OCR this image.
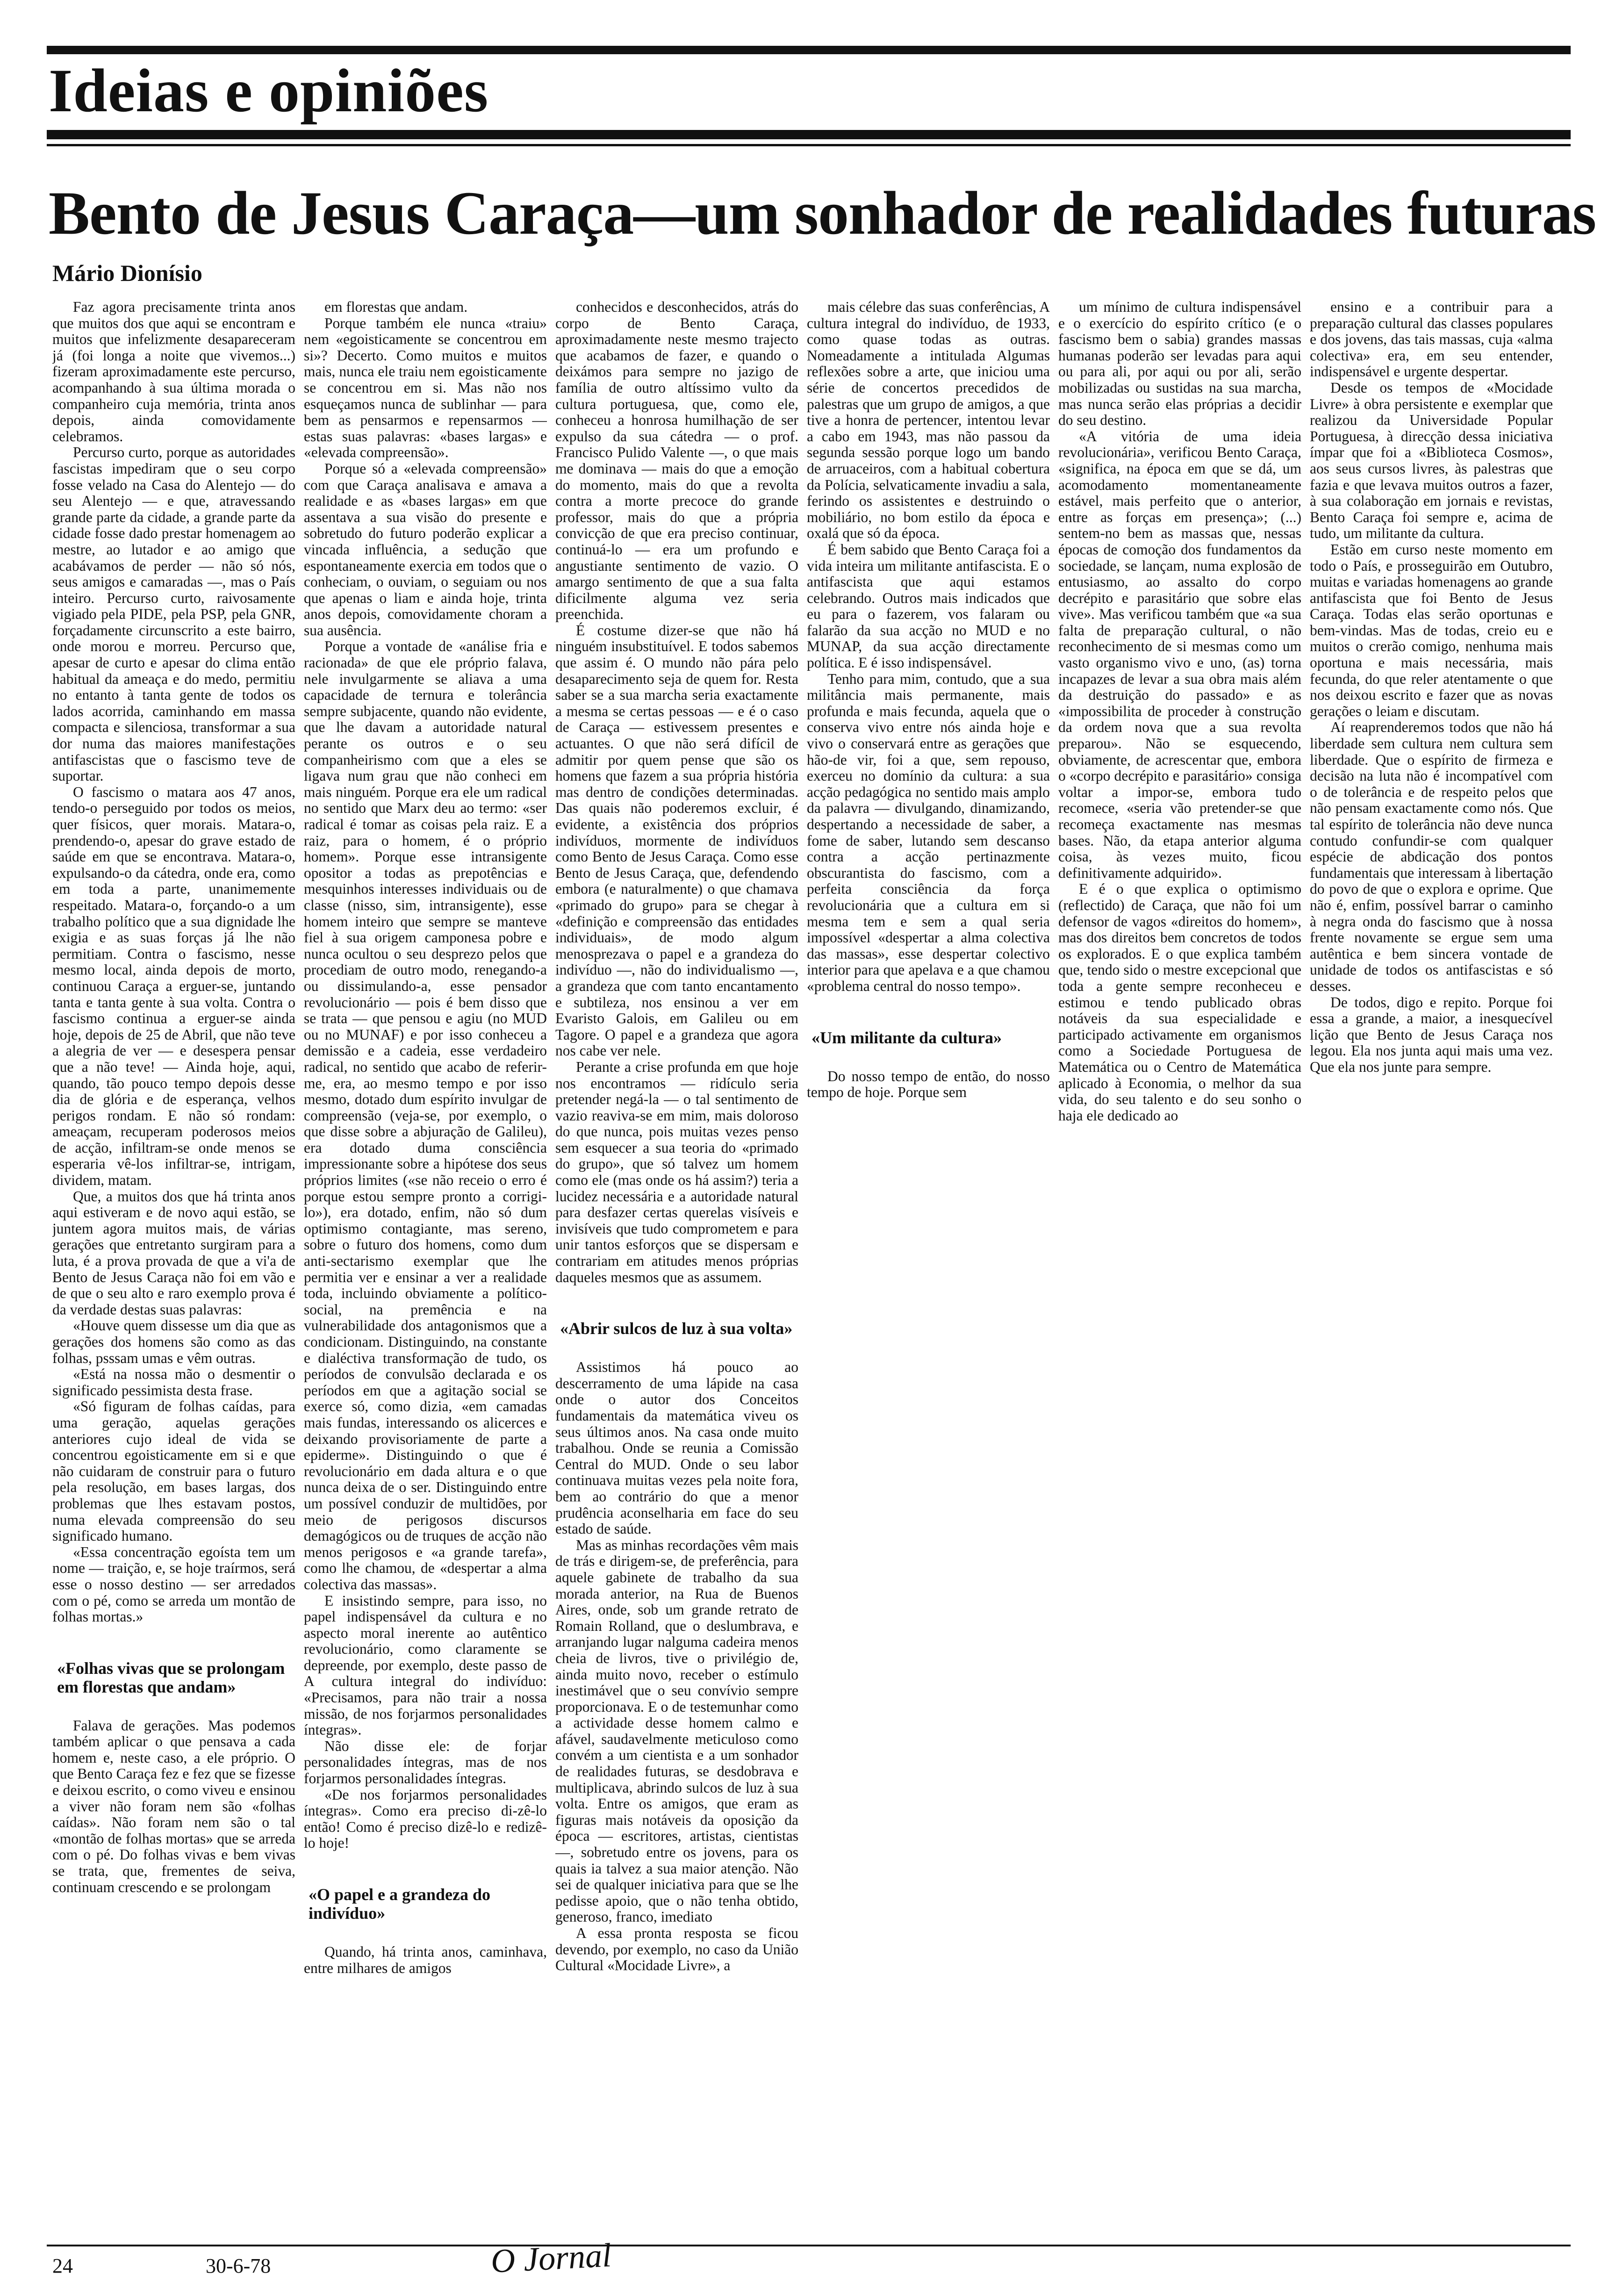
Ideias e opiniões
Bento de Jesus Caraça—um sonhador de realidades futuras
Mário Dionísio

Faz agora precisamente trinta anos que muitos dos que aqui se encontram e muitos que infelizmente desapareceram já (foi longa a noite que vivemos...) fizeram aproximadamente este percurso, acompanhando à sua última morada o companheiro cuja memória, trinta anos depois, ainda comovidamente celebramos.

Percurso curto, porque as autoridades fascistas impediram que o seu corpo fosse velado na Casa do Alentejo — do seu Alentejo — e que, atravessando grande parte da cidade, a grande parte da cidade fosse dado prestar homenagem ao mestre, ao lutador e ao amigo que acabávamos de perder — não só nós, seus amigos e camaradas —, mas o País inteiro. Percurso curto, raivosamente vigiado pela PIDE, pela PSP, pela GNR, forçadamente circunscrito a este bairro, onde morou e morreu. Percurso que, apesar de curto e apesar do clima então habitual da ameaça e do medo, permitiu no entanto à tanta gente de todos os lados acorrida, caminhando em massa compacta e silenciosa, transformar a sua dor numa das maiores manifestações antifascistas que o fascismo teve de suportar.

O fascismo o matara aos 47 anos, tendo-o perseguido por todos os meios, quer físicos, quer morais. Matara-o, prendendo-o, apesar do grave estado de saúde em que se encontrava. Matara-o, expulsando-o da cátedra, onde era, como em toda a parte, unanimemente respeitado. Matara-o, forçando-o a um trabalho político que a sua dignidade lhe exigia e as suas forças já lhe não permitiam. Contra o fascismo, nesse mesmo local, ainda depois de morto, continuou Caraça a erguer-se, juntando tanta e tanta gente à sua volta. Contra o fascismo continua a erguer-se ainda hoje, depois de 25 de Abril, que não teve a alegria de ver — e desespera pensar que a não teve! — Ainda hoje, aqui, quando, tão pouco tempo depois desse dia de glória e de esperança, velhos perigos rondam. E não só rondam: ameaçam, recuperam poderosos meios de acção, infiltram-se onde menos se esperaria vê-los infiltrar-se, intrigam, dividem, matam.

Que, a muitos dos que há trinta anos aqui estiveram e de novo aqui estão, se juntem agora muitos mais, de várias gerações que entretanto surgiram para a luta, é a prova provada de que a vi'a de Bento de Jesus Caraça não foi em vão e de que o seu alto e raro exemplo prova é da verdade destas suas palavras:

«Houve quem dissesse um dia que as gerações dos homens são como as das folhas, psssam umas e vêm outras.

«Está na nossa mão o desmentir o significado pessimista desta frase.

«Só figuram de folhas caídas, para uma geração, aquelas gerações anteriores cujo ideal de vida se concentrou egoisticamente em si e que não cuidaram de construir para o futuro pela resolução, em bases largas, dos problemas que lhes estavam postos, numa elevada compreensão do seu significado humano.

«Essa concentração egoísta tem um nome — traição, e, se hoje traírmos, será esse o nosso destino — ser arredados com o pé, como se arreda um montão de folhas mortas.»

«Folhas vivas que se prolongam em florestas que andam»

Falava de gerações. Mas podemos também aplicar o que pensava a cada homem e, neste caso, a ele próprio. O que Bento Caraça fez e fez que se fizesse e deixou escrito, o como viveu e ensinou a viver não foram nem são «folhas caídas». Não foram nem são o tal «montão de folhas mortas» que se arreda com o pé. Do folhas vivas e bem vivas se trata, que, frementes de seiva, continuam crescendo e se prolongam

em florestas que andam.

Porque também ele nunca «traiu» nem «egoisticamente se concentrou em si»? Decerto. Como muitos e muitos mais, nunca ele traiu nem egoisticamente se concentrou em si. Mas não nos esqueçamos nunca de sublinhar — para bem as pensarmos e repensarmos — estas suas palavras: «bases largas» e «elevada compreensão».

Porque só a «elevada compreensão» com que Caraça analisava e amava a realidade e as «bases largas» em que assentava a sua visão do presente e sobretudo do futuro poderão explicar a vincada influência, a sedução que espontaneamente exercia em todos que o conheciam, o ouviam, o seguiam ou nos que apenas o liam e ainda hoje, trinta anos depois, comovidamente choram a sua ausência.

Porque a vontade de «análise fria e racionada» de que ele próprio falava, nele invulgarmente se aliava a uma capacidade de ternura e tolerância sempre subjacente, quando não evidente, que lhe davam a autoridade natural perante os outros e o seu companheirismo com que a eles se ligava num grau que não conheci em mais ninguém. Porque era ele um radical no sentido que Marx deu ao termo: «ser radical é tomar as coisas pela raiz. E a raiz, para o homem, é o próprio homem». Porque esse intransigente opositor a todas as prepotências e mesquinhos interesses individuais ou de classe (nisso, sim, intransigente), esse homem inteiro que sempre se manteve fiel à sua origem camponesa pobre e nunca ocultou o seu desprezo pelos que procediam de outro modo, renegando-a ou dissimulando-a, esse pensador revolucionário — pois é bem disso que se trata — que pensou e agiu (no MUD ou no MUNAF) e por isso conheceu a demissão e a cadeia, esse verdadeiro radical, no sentido que acabo de referir-me, era, ao mesmo tempo e por isso mesmo, dotado dum espírito invulgar de compreensão (veja-se, por exemplo, o que disse sobre a abjuração de Galileu), era dotado duma consciência impressionante sobre a hipótese dos seus próprios limites («se não receio o erro é porque estou sempre pronto a corrigi-lo»), era dotado, enfim, não só dum optimismo contagiante, mas sereno, sobre o futuro dos homens, como dum anti-sectarismo exemplar que lhe permitia ver e ensinar a ver a realidade toda, incluindo obviamente a político-social, na premência e na vulnerabilidade dos antagonismos que a condicionam. Distinguindo, na constante e dialéctiva transformação de tudo, os períodos de convulsão declarada e os períodos em que a agitação social se exerce só, como dizia, «em camadas mais fundas, interessando os alicerces e deixando provisoriamente de parte a epiderme». Distinguindo o que é revolucionário em dada altura e o que nunca deixa de o ser. Distinguindo entre um possível conduzir de multidões, por meio de perigosos discursos demagógicos ou de truques de acção não menos perigosos e «a grande tarefa», como lhe chamou, de «despertar a alma colectiva das massas».

E insistindo sempre, para isso, no papel indispensável da cultura e no aspecto moral inerente ao autêntico revolucionário, como claramente se depreende, por exemplo, deste passo de A cultura integral do indivíduo: «Precisamos, para não trair a nossa missão, de nos forjarmos personalidades íntegras».

Não disse ele: de forjar personalidades íntegras, mas de nos forjarmos personalidades íntegras.

«De nos forjarmos personalidades íntegras». Como era preciso di-zê-lo então! Como é preciso dizê-lo e redizê-lo hoje!

«O papel e a grandeza do indivíduo»

Quando, há trinta anos, caminhava, entre milhares de amigos

conhecidos e desconhecidos, atrás do corpo de Bento Caraça, aproximadamente neste mesmo trajecto que acabamos de fazer, e quando o deixámos para sempre no jazigo de família de outro altíssimo vulto da cultura portuguesa, que, como ele, conheceu a honrosa humilhação de ser expulso da sua cátedra — o prof. Francisco Pulido Valente —, o que mais me dominava — mais do que a emoção do momento, mais do que a revolta contra a morte precoce do grande professor, mais do que a própria convicção de que era preciso continuar, continuá-lo — era um profundo e angustiante sentimento de vazio. O amargo sentimento de que a sua falta dificilmente alguma vez seria preenchida.

É costume dizer-se que não há ninguém insubstituível. E todos sabemos que assim é. O mundo não pára pelo desaparecimento seja de quem for. Resta saber se a sua marcha seria exactamente a mesma se certas pessoas — e é o caso de Caraça — estivessem presentes e actuantes. O que não será difícil de admitir por quem pense que são os homens que fazem a sua própria história mas dentro de condições determinadas. Das quais não poderemos excluir, é evidente, a existência dos próprios indivíduos, mormente de indivíduos como Bento de Jesus Caraça. Como esse Bento de Jesus Caraça, que, defendendo embora (e naturalmente) o que chamava «primado do grupo» para se chegar à «definição e compreensão das entidades individuais», de modo algum menosprezava o papel e a grandeza do indivíduo —, não do individualismo —, a grandeza que com tanto encantamento e subtileza, nos ensinou a ver em Evaristo Galois, em Galileu ou em Tagore. O papel e a grandeza que agora nos cabe ver nele.

Perante a crise profunda em que hoje nos encontramos — ridículo seria pretender negá-la — o tal sentimento de vazio reaviva-se em mim, mais doloroso do que nunca, pois muitas vezes penso sem esquecer a sua teoria do «primado do grupo», que só talvez um homem como ele (mas onde os há assim?) teria a lucidez necessária e a autoridade natural para desfazer certas querelas visíveis e invisíveis que tudo comprometem e para unir tantos esforços que se dispersam e contrariam em atitudes menos próprias daqueles mesmos que as assumem.

«Abrir sulcos de luz à sua volta»

Assistimos há pouco ao descerramento de uma lápide na casa onde o autor dos Conceitos fundamentais da matemática viveu os seus últimos anos. Na casa onde muito trabalhou. Onde se reunia a Comissão Central do MUD. Onde o seu labor continuava muitas vezes pela noite fora, bem ao contrário do que a menor prudência aconselharia em face do seu estado de saúde.

Mas as minhas recordações vêm mais de trás e dirigem-se, de preferência, para aquele gabinete de trabalho da sua morada anterior, na Rua de Buenos Aires, onde, sob um grande retrato de Romain Rolland, que o deslumbrava, e arranjando lugar nalguma cadeira menos cheia de livros, tive o privilégio de, ainda muito novo, receber o estímulo inestimável que o seu convívio sempre proporcionava. E o de testemunhar como a actividade desse homem calmo e afável, saudavelmente meticuloso como convém a um cientista e a um sonhador de realidades futuras, se desdobrava e multiplicava, abrindo sulcos de luz à sua volta. Entre os amigos, que eram as figuras mais notáveis da oposição da época — escritores, artistas, cientistas —, sobretudo entre os jovens, para os quais ia talvez a sua maior atenção. Não sei de qualquer iniciativa para que se lhe pedisse apoio, que o não tenha obtido, generoso, franco, imediato

A essa pronta resposta se ficou devendo, por exemplo, no caso da União Cultural «Mocidade Livre», a

mais célebre das suas conferências, A cultura integral do indivíduo, de 1933, como quase todas as outras. Nomeadamente a intitulada Algumas reflexões sobre a arte, que iniciou uma série de concertos precedidos de palestras que um grupo de amigos, a que tive a honra de pertencer, intentou levar a cabo em 1943, mas não passou da segunda sessão porque logo um bando de arruaceiros, com a habitual cobertura da Polícia, selvaticamente invadiu a sala, ferindo os assistentes e destruindo o mobiliário, no bom estilo da época e oxalá que só da época.

É bem sabido que Bento Caraça foi a vida inteira um militante antifascista. E o antifascista que aqui estamos celebrando. Outros mais indicados que eu para o fazerem, vos falaram ou falarão da sua acção no MUD e no MUNAP, da sua acção directamente política. E é isso indispensável.

Tenho para mim, contudo, que a sua militância mais permanente, mais profunda e mais fecunda, aquela que o conserva vivo entre nós ainda hoje e vivo o conservará entre as gerações que hão-de vir, foi a que, sem repouso, exerceu no domínio da cultura: a sua acção pedagógica no sentido mais amplo da palavra — divulgando, dinamizando, despertando a necessidade de saber, a fome de saber, lutando sem descanso contra a acção pertinazmente obscurantista do fascismo, com a perfeita consciência da força revolucionária que a cultura em si mesma tem e sem a qual seria impossível «despertar a alma colectiva das massas», esse despertar colectivo interior para que apelava e a que chamou «problema central do nosso tempo».

«Um militante da cultura»

Do nosso tempo de então, do nosso tempo de hoje. Porque sem

um mínimo de cultura indispensável e o exercício do espírito crítico (e o fascismo bem o sabia) grandes massas humanas poderão ser levadas para aqui ou para ali, por aqui ou por ali, serão mobilizadas ou sustidas na sua marcha, mas nunca serão elas próprias a decidir do seu destino.

«A vitória de uma ideia revolucionária», verificou Bento Caraça, «significa, na época em que se dá, um acomodamento momentaneamente estável, mais perfeito que o anterior, entre as forças em presença»; (...) sentem-no bem as massas que, nessas épocas de comoção dos fundamentos da sociedade, se lançam, numa explosão de entusiasmo, ao assalto do corpo decrépito e parasitário que sobre elas vive». Mas verificou também que «a sua falta de preparação cultural, o não reconhecimento de si mesmas como um vasto organismo vivo e uno, (as) torna incapazes de levar a sua obra mais além da destruição do passado» e as «impossibilita de proceder à construção da ordem nova que a sua revolta preparou». Não se esquecendo, obviamente, de acrescentar que, embora o «corpo decrépito e parasitário» consiga voltar a impor-se, embora tudo recomece, «seria vão pretender-se que recomeça exactamente nas mesmas bases. Não, da etapa anterior alguma coisa, às vezes muito, ficou definitivamente adquirido».

E é o que explica o optimismo (reflectido) de Caraça, que não foi um defensor de vagos «direitos do homem», mas dos direitos bem concretos de todos os explorados. E o que explica também que, tendo sido o mestre excepcional que toda a gente sempre reconheceu e estimou e tendo publicado obras notáveis da sua especialidade e participado activamente em organismos como a Sociedade Portuguesa de Matemática ou o Centro de Matemática aplicado à Economia, o melhor da sua vida, do seu talento e do seu sonho o haja ele dedicado ao

ensino e a contribuir para a preparação cultural das classes populares e dos jovens, das tais massas, cuja «alma colectiva» era, em seu entender, indispensável e urgente despertar.

Desde os tempos de «Mocidade Livre» à obra persistente e exemplar que realizou da Universidade Popular Portuguesa, à direcção dessa iniciativa ímpar que foi a «Biblioteca Cosmos», aos seus cursos livres, às palestras que fazia e que levava muitos outros a fazer, à sua colaboração em jornais e revistas, Bento Caraça foi sempre e, acima de tudo, um militante da cultura.

Estão em curso neste momento em todo o País, e prosseguirão em Outubro, muitas e variadas homenagens ao grande antifascista que foi Bento de Jesus Caraça. Todas elas serão oportunas e bem-vindas. Mas de todas, creio eu e muitos o crerão comigo, nenhuma mais oportuna e mais necessária, mais fecunda, do que reler atentamente o que nos deixou escrito e fazer que as novas gerações o leiam e discutam.

Aí reaprenderemos todos que não há liberdade sem cultura nem cultura sem liberdade. Que o espírito de firmeza e decisão na luta não é incompatível com o de tolerância e de respeito pelos que não pensam exactamente como nós. Que tal espírito de tolerância não deve nunca contudo confundir-se com qualquer espécie de abdicação dos pontos fundamentais que interessam à libertação do povo de que o explora e oprime. Que não é, enfim, possível barrar o caminho à negra onda do fascismo que à nossa frente novamente se ergue sem uma autêntica e bem sincera vontade de unidade de todos os antifascistas e só desses.

De todos, digo e repito. Porque foi essa a grande, a maior, a inesquecível lição que Bento de Jesus Caraça nos legou. Ela nos junta aqui mais uma vez. Que ela nos junte para sempre.

24	30-6-78	O Jornal
